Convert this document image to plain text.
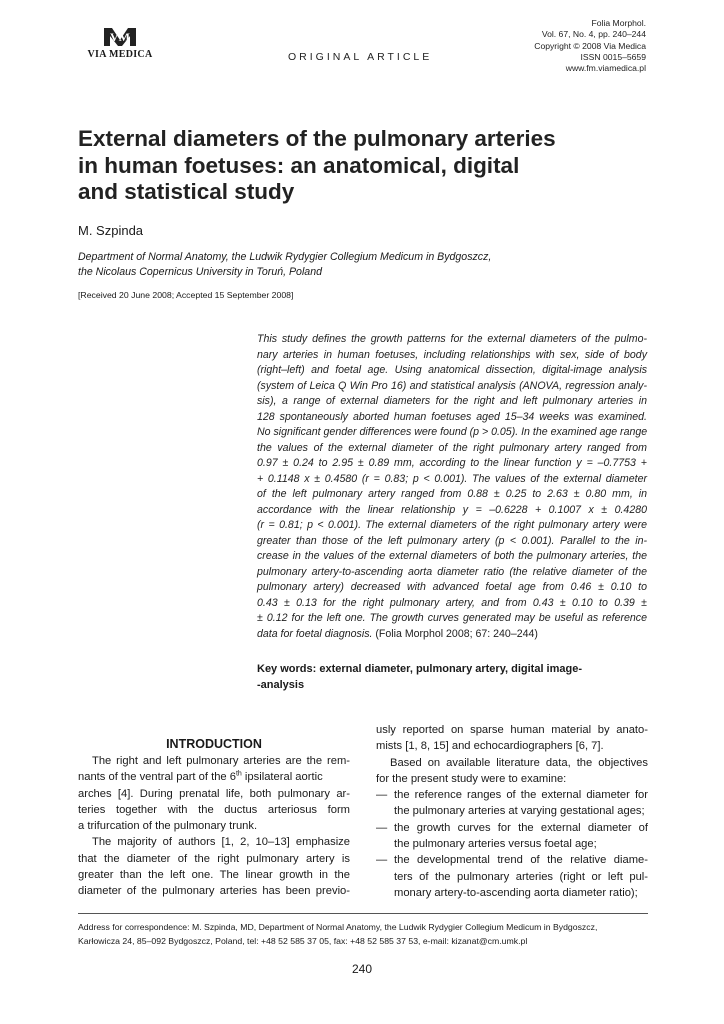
VM
VIA MEDICA	ORIGINAL ARTICLE
Folia Morphol.
Vol. 67, No. 4, pp. 240–244
Copyright © 2008 Via Medica
ISSN 0015–5659
www.fm.viamedica.pl
External diameters of the pulmonary arteries
in human foetuses: an anatomical, digital
and statistical study
M. Szpinda
Department of Normal Anatomy, the Ludwik Rydygier Collegium Medicum in Bydgoszcz,
the Nicolaus Copernicus University in Toruń, Poland
[Received 20 June 2008; Accepted 15 September 2008]
This study defines the growth patterns for the external diameters of the pulmo-
nary arteries in human foetuses, including relationships with sex, side of body
(right–left) and foetal age. Using anatomical dissection, digital-image analysis
(system of Leica Q Win Pro 16) and statistical analysis (ANOVA, regression analy-
sis), a range of external diameters for the right and left pulmonary arteries in
128 spontaneously aborted human foetuses aged 15–34 weeks was examined.
No significant gender differences were found (p > 0.05). In the examined age range
the values of the external diameter of the right pulmonary artery ranged from
0.97 ± 0.24 to 2.95 ± 0.89 mm, according to the linear function y = –0.7753 +
+ 0.1148 x ± 0.4580 (r = 0.83; p < 0.001). The values of the external diameter
of the left pulmonary artery ranged from 0.88 ± 0.25 to 2.63 ± 0.80 mm, in
accordance with the linear relationship y = –0.6228 + 0.1007 x ± 0.4280
(r = 0.81; p < 0.001). The external diameters of the right pulmonary artery were
greater than those of the left pulmonary artery (p < 0.001). Parallel to the in-
crease in the values of the external diameters of both the pulmonary arteries, the
pulmonary artery-to-ascending aorta diameter ratio (the relative diameter of the
pulmonary artery) decreased with advanced foetal age from 0.46 ± 0.10 to
0.43 ± 0.13 for the right pulmonary artery, and from 0.43 ± 0.10 to 0.39 ±
± 0.12 for the left one. The growth curves generated may be useful as reference
data for foetal diagnosis. (Folia Morphol 2008; 67: 240–244)
Key words: external diameter, pulmonary artery, digital image-
-analysis
INTRODUCTION
The right and left pulmonary arteries are the rem-
nants of the ventral part of the 6th ipsilateral aortic
arches [4]. During prenatal life, both pulmonary ar-
teries together with the ductus arteriosus form
a trifurcation of the pulmonary trunk.
The majority of authors [1, 2, 10–13] emphasize
that the diameter of the right pulmonary artery is
greater than the left one. The linear growth in the
diameter of the pulmonary arteries has been previo-
usly reported on sparse human material by anato-
mists [1, 8, 15] and echocardiographers [6, 7].
Based on available literature data, the objectives
for the present study were to examine:
— the reference ranges of the external diameter for
the pulmonary arteries at varying gestational ages;
— the growth curves for the external diameter of
the pulmonary arteries versus foetal age;
— the developmental trend of the relative diame-
ters of the pulmonary arteries (right or left pul-
monary artery-to-ascending aorta diameter ratio);
Address for correspondence: M. Szpinda, MD, Department of Normal Anatomy, the Ludwik Rydygier Collegium Medicum in Bydgoszcz,
Karłowicza 24, 85–092 Bydgoszcz, Poland, tel: +48 52 585 37 05, fax: +48 52 585 37 53, e-mail: kizanat@cm.umk.pl
240
